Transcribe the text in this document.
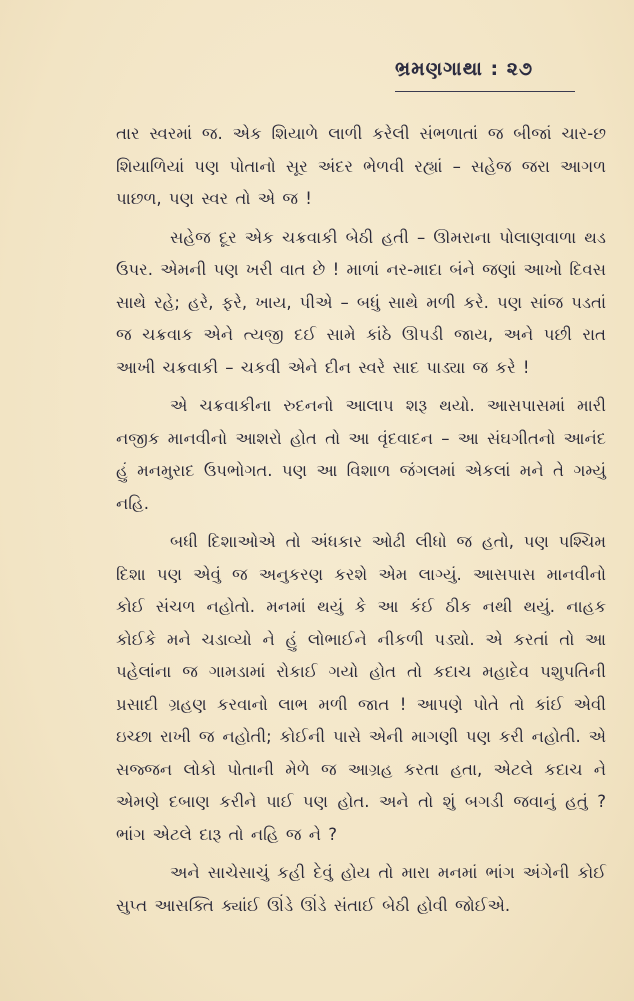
ભ્રમણગાથા : ૨૭

તાર સ્વરમાં જ. એક શિયાળે લાળી કરેલી સંભળાતાં જ બીજાં ચાર-છ શિયાળિયાં પણ પોતાનો સૂર અંદર ભેળવી રહ્યાં – સહેજ જરા આગળ પાછળ, પણ સ્વર તો એ જ !

સહેજ દૂર એક ચક્રવાકી બેઠી હતી – ઊમરાના પોલાણવાળા થડ ઉપર. એમની પણ ખરી વાત છે ! માળાં નર-માદા બંને જણાં આખો દિવસ સાથે રહે; હરે, ફરે, ખાય, પીએ – બધું સાથે મળી કરે. પણ સાંજ પડતાં જ ચક્રવાક એને ત્યજી દઈ સામે કાંઠે ઊપડી જાય, અને પછી રાત આખી ચક્રવાકી – ચકવી એને દીન સ્વરે સાદ પાડ્યા જ કરે !

એ ચક્રવાકીના રુદનનો આલાપ શરૂ થયો. આસપાસમાં મારી નજીક માનવીનો આશરો હોત તો આ વૃંદવાદન – આ સંઘગીતનો આનંદ હું મનમુરાદ ઉપભોગત. પણ આ વિશાળ જંગલમાં એકલાં મને તે ગમ્યું નહિ.

બધી દિશાઓએ તો અંધકાર ઓઢી લીધો જ હતો, પણ પશ્ચિમ દિશા પણ એવું જ અનુકરણ કરશે એમ લાગ્યું. આસપાસ માનવીનો કોઈ સંચળ નહોતો. મનમાં થયું કે આ કંઈ ઠીક નથી થયું. નાહક કોઈકે મને ચડાવ્યો ને હું લોભાઈને નીકળી પડ્યો. એ કરતાં તો આ પહેલાંના જ ગામડામાં રોકાઈ ગયો હોત તો કદાચ મહાદેવ પશુપતિની પ્રસાદી ગ્રહણ કરવાનો લાભ મળી જાત ! આપણે પોતે તો કાંઈ એવી ઇચ્છા રાખી જ નહોતી; કોઈની પાસે એની માગણી પણ કરી નહોતી. એ સજ્જન લોકો પોતાની મેળે જ આગ્રહ કરતા હતા, એટલે કદાચ ને એમણે દબાણ કરીને પાઈ પણ હોત. અને તો શું બગડી જવાનું હતું ? ભાંગ એટલે દારૂ તો નહિ જ ને ?

અને સાચેસાચું કહી દેવું હોય તો મારા મનમાં ભાંગ અંગેની કોઈ સુપ્ત આસક્તિ ક્યાંઈ ઊંડે ઊંડે સંતાઈ બેઠી હોવી જોઈએ.
